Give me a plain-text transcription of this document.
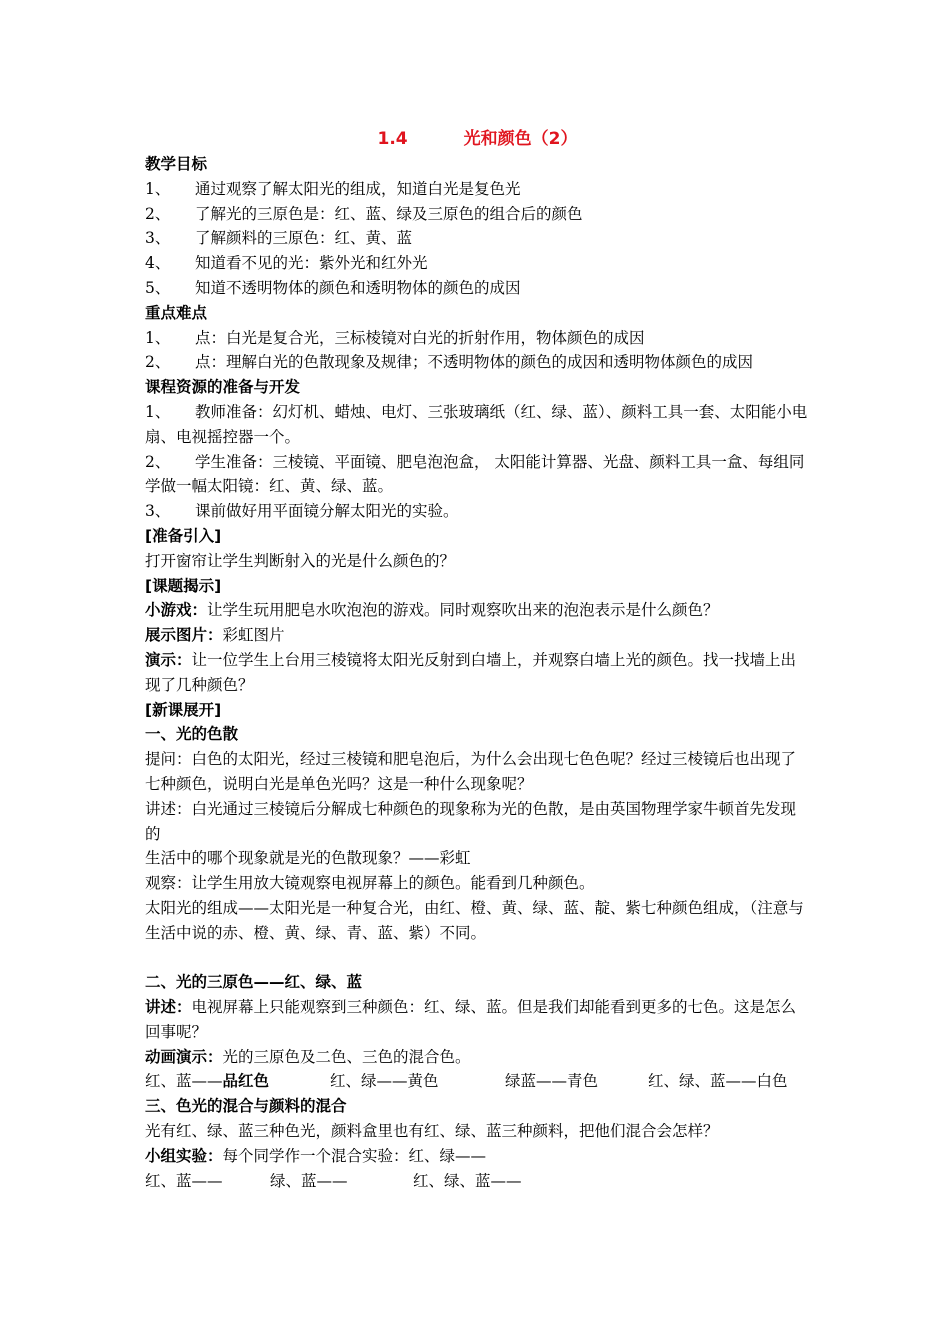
1.4	光和颜色（2）
教学目标
1、 通过观察了解太阳光的组成，知道白光是复色光
2、 了解光的三原色是：红、蓝、绿及三原色的组合后的颜色
3、 了解颜料的三原色：红、黄、蓝
4、 知道看不见的光：紫外光和红外光
5、 知道不透明物体的颜色和透明物体的颜色的成因
重点难点
1、 点：白光是复合光，三标棱镜对白光的折射作用，物体颜色的成因
2、 点：理解白光的色散现象及规律；不透明物体的颜色的成因和透明物体颜色的成因
课程资源的准备与开发
1、 教师准备：幻灯机、蜡烛、电灯、三张玻璃纸（红、绿、蓝）、颜料工具一套、太阳能小电扇、电视摇控器一个。
2、 学生准备：三棱镜、平面镜、肥皂泡泡盒， 太阳能计算器、光盘、颜料工具一盒、每组同学做一幅太阳镜：红、黄、绿、蓝。
3、 课前做好用平面镜分解太阳光的实验。
[准备引入]
打开窗帘让学生判断射入的光是什么颜色的？
[课题揭示]
小游戏：让学生玩用肥皂水吹泡泡的游戏。同时观察吹出来的泡泡表示是什么颜色？
展示图片：彩虹图片
演示：让一位学生上台用三棱镜将太阳光反射到白墙上，并观察白墙上光的颜色。找一找墙上出现了几种颜色？
[新课展开]
一、光的色散
提问：白色的太阳光，经过三棱镜和肥皂泡后，为什么会出现七色色呢？经过三棱镜后也出现了七种颜色，说明白光是单色光吗？这是一种什么现象呢？
讲述：白光通过三棱镜后分解成七种颜色的现象称为光的色散，是由英国物理学家牛顿首先发现的
生活中的哪个现象就是光的色散现象？——彩虹
观察：让学生用放大镜观察电视屏幕上的颜色。能看到几种颜色。
太阳光的组成——太阳光是一种复合光，由红、橙、黄、绿、蓝、靛、紫七种颜色组成，（注意与生活中说的赤、橙、黄、绿、青、蓝、紫）不同。
二、光的三原色——红、绿、蓝
讲述：电视屏幕上只能观察到三种颜色：红、绿、蓝。但是我们却能看到更多的七色。这是怎么回事呢？
动画演示：光的三原色及二色、三色的混合色。
红、蓝——品红色	红、绿——黄色	绿蓝——青色	红、绿、蓝——白色
三、色光的混合与颜料的混合
光有红、绿、蓝三种色光，颜料盒里也有红、绿、蓝三种颜料，把他们混合会怎样？
小组实验：每个同学作一个混合实验：红、绿——
红、蓝——	绿、蓝——	红、绿、蓝——
